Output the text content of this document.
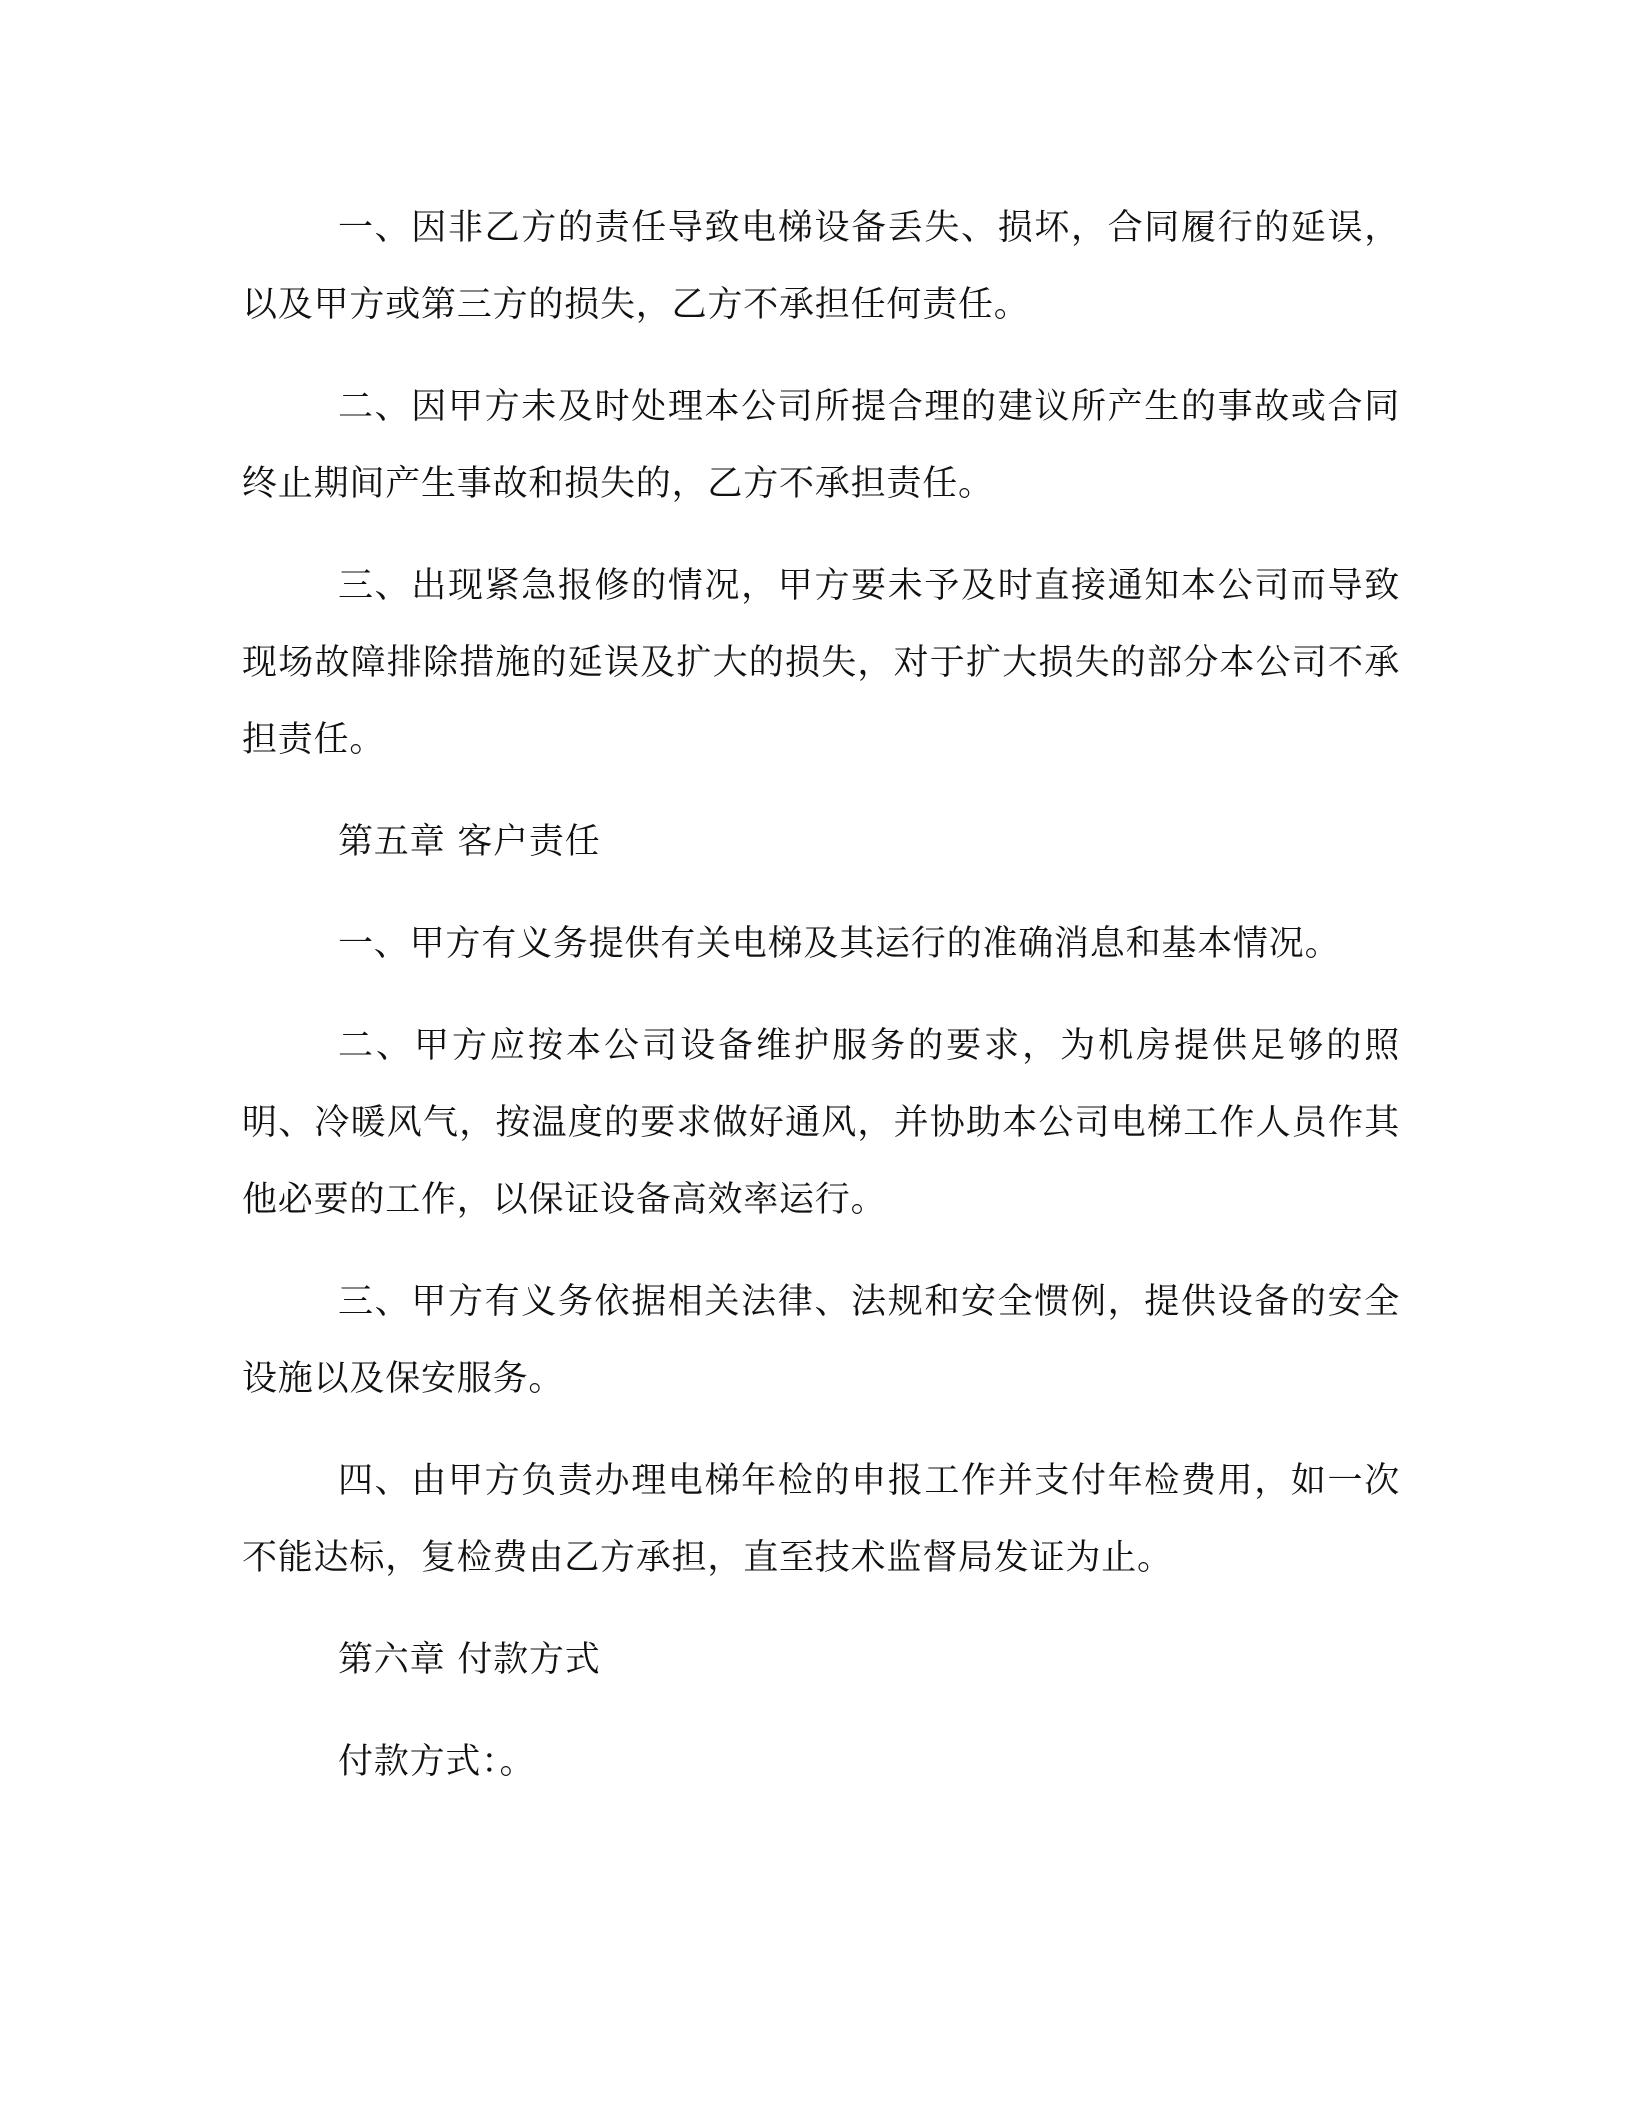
一、因非乙方的责任导致电梯设备丢失、损坏，合同履行的延误，以及甲方或第三方的损失，乙方不承担任何责任。

二、因甲方未及时处理本公司所提合理的建议所产生的事故或合同终止期间产生事故和损失的，乙方不承担责任。

三、出现紧急报修的情况，甲方要未予及时直接通知本公司而导致现场故障排除措施的延误及扩大的损失，对于扩大损失的部分本公司不承担责任。

第五章 客户责任

一、甲方有义务提供有关电梯及其运行的准确消息和基本情况。

二、甲方应按本公司设备维护服务的要求，为机房提供足够的照明、冷暖风气，按温度的要求做好通风，并协助本公司电梯工作人员作其他必要的工作，以保证设备高效率运行。

三、甲方有义务依据相关法律、法规和安全惯例，提供设备的安全设施以及保安服务。

四、由甲方负责办理电梯年检的申报工作并支付年检费用，如一次不能达标，复检费由乙方承担，直至技术监督局发证为止。

第六章 付款方式

付款方式：。
